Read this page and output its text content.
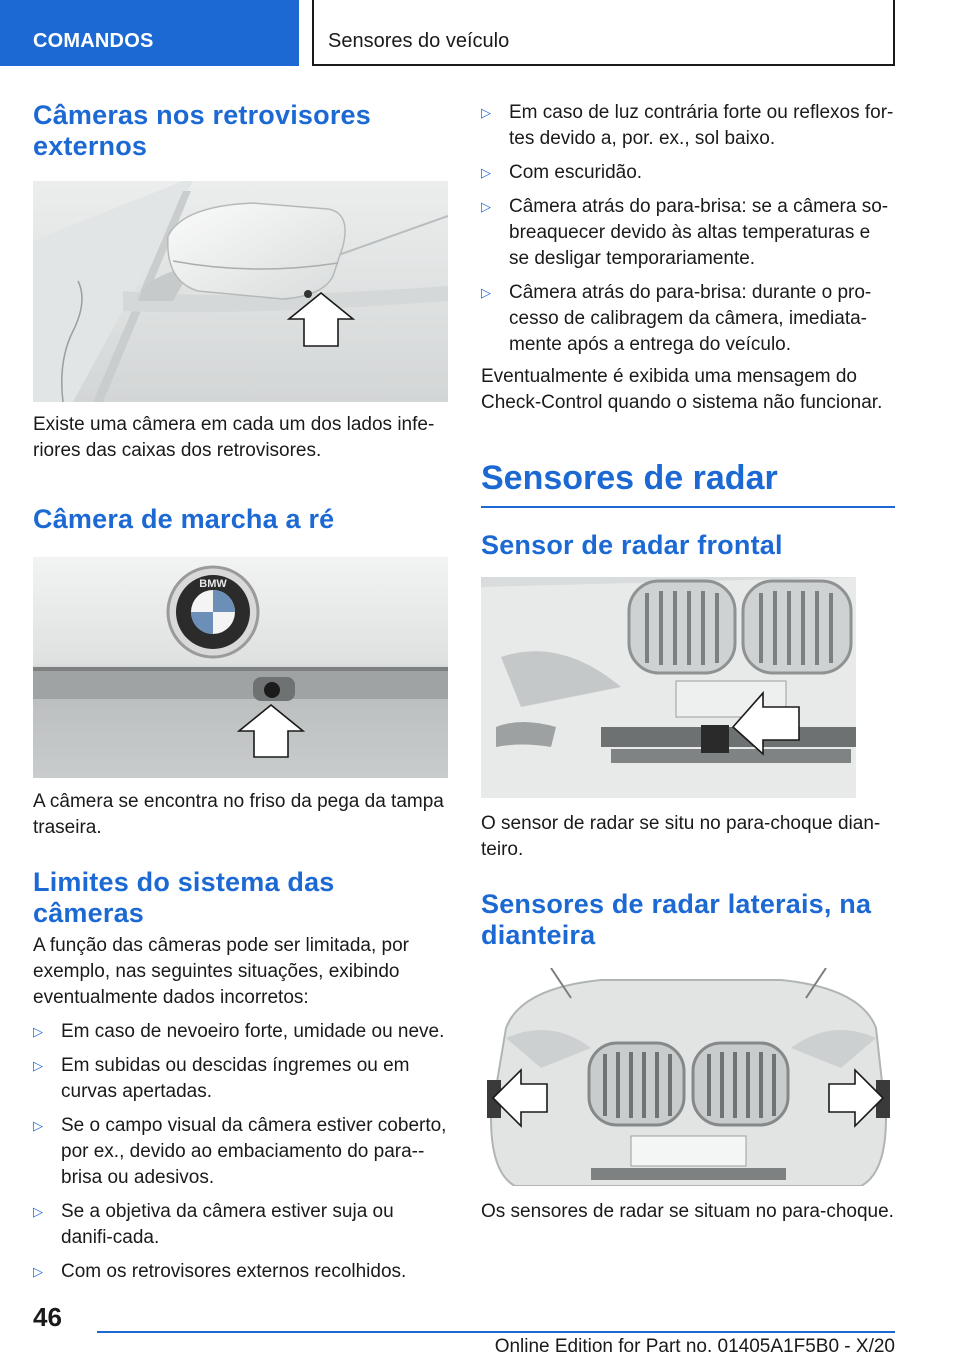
COMANDOS	Sensores do veículo
Câmeras nos retrovisores externos

Existe uma câmera em cada um dos lados infe-riores das caixas dos retrovisores.

Câmera de marcha a ré
BMW

A câmera se encontra no friso da pega da tampa traseira.

Limites do sistema das câmeras

A função das câmeras pode ser limitada, por exemplo, nas seguintes situações, exibindo eventualmente dados incorretos:

▷ Em caso de nevoeiro forte, umidade ou neve.
▷ Em subidas ou descidas íngremes ou em curvas apertadas.
▷ Se o campo visual da câmera estiver coberto, por ex., devido ao embaciamento do para--brisa ou adesivos.
▷ Se a objetiva da câmera estiver suja ou danifi-cada.
▷ Com os retrovisores externos recolhidos.
▷ Em caso de luz contrária forte ou reflexos for-tes devido a, por. ex., sol baixo.
▷ Com escuridão.
▷ Câmera atrás do para-brisa: se a câmera so-breaquecer devido às altas temperaturas e se desligar temporariamente.
▷ Câmera atrás do para-brisa: durante o pro-cesso de calibragem da câmera, imediata-mente após a entrega do veículo.

Eventualmente é exibida uma mensagem do Check-Control quando o sistema não funcionar.

Sensores de radar
Sensor de radar frontal

O sensor de radar se situ no para-choque dian-teiro.

Sensores de radar laterais, na dianteira

Os sensores de radar se situam no para-choque.

46
Online Edition for Part no. 01405A1F5B0 - X/20
